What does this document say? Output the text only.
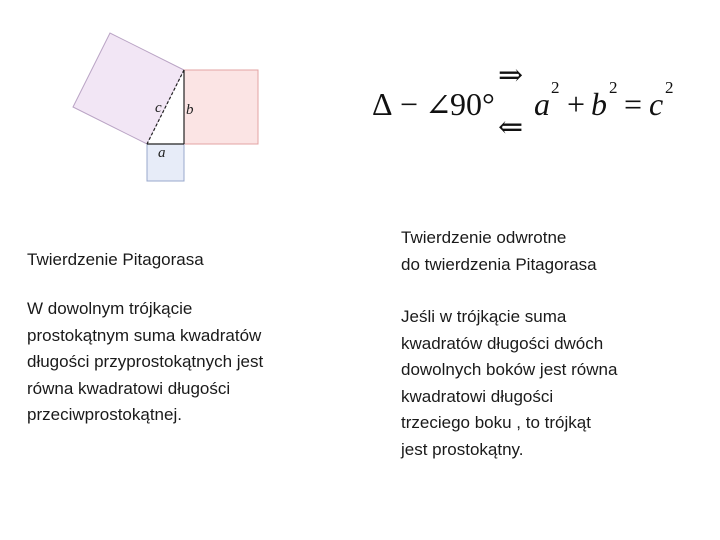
c b
a
Δ − ∠
90°
⇒
⇐
a 2 + b 2 = c 2
Twierdzenie Pitagorasa
W dowolnym trójkącie
prostokątnym suma kwadratów
długości przyprostokątnych jest
równa kwadratowi długości
przeciwprostokątnej.
Twierdzenie odwrotne
do twierdzenia Pitagorasa
Jeśli w trójkącie suma
kwadratów długości dwóch
dowolnych boków jest równa
kwadratowi długości
trzeciego boku , to trójkąt
jest prostokątny.
